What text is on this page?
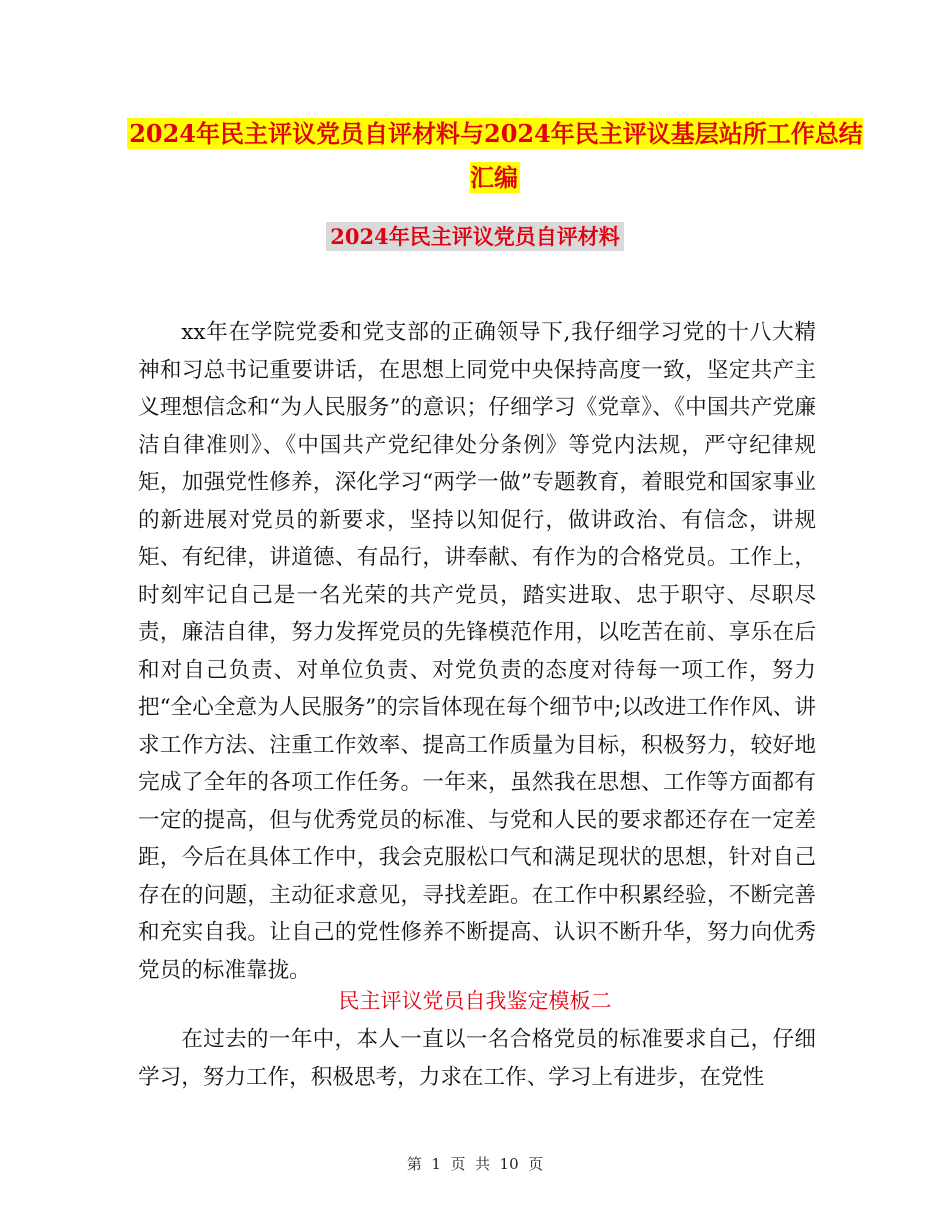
2024年民主评议党员自评材料与2024年民主评议基层站所工作总结汇编
2024年民主评议党员自评材料

xx年在学院党委和党支部的正确领导下,我仔细学习党的十八大精神和习总书记重要讲话，在思想上同党中央保持高度一致，坚定共产主义理想信念和“为人民服务”的意识；仔细学习《党章》、《中国共产党廉洁自律准则》、《中国共产党纪律处分条例》等党内法规，严守纪律规矩，加强党性修养，深化学习“两学一做”专题教育，着眼党和国家事业的新进展对党员的新要求，坚持以知促行，做讲政治、有信念，讲规矩、有纪律，讲道德、有品行，讲奉献、有作为的合格党员。工作上，时刻牢记自己是一名光荣的共产党员，踏实进取、忠于职守、尽职尽责，廉洁自律，努力发挥党员的先锋模范作用，以吃苦在前、享乐在后和对自己负责、对单位负责、对党负责的态度对待每一项工作，努力把“全心全意为人民服务”的宗旨体现在每个细节中;以改进工作作风、讲求工作方法、注重工作效率、提高工作质量为目标，积极努力，较好地完成了全年的各项工作任务。一年来，虽然我在思想、工作等方面都有一定的提高，但与优秀党员的标准、与党和人民的要求都还存在一定差距，今后在具体工作中，我会克服松口气和满足现状的思想，针对自己存在的问题，主动征求意见，寻找差距。在工作中积累经验，不断完善和充实自我。让自己的党性修养不断提高、认识不断升华，努力向优秀党员的标准靠拢。

民主评议党员自我鉴定模板二

在过去的一年中，本人一直以一名合格党员的标准要求自己，仔细学习，努力工作，积极思考，力求在工作、学习上有进步，在党性

第  1  页  共  10  页
